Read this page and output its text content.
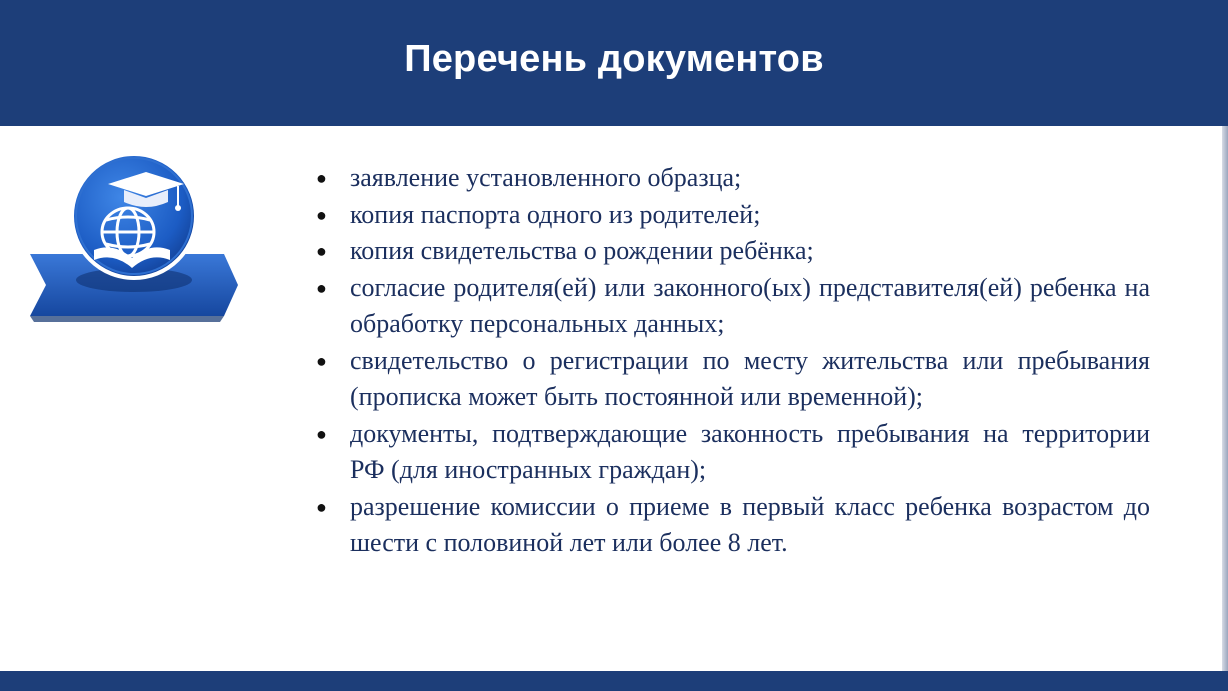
Перечень документов
● заявление установленного образца;
● копия паспорта одного из родителей;
● копия свидетельства о рождении ребёнка;
● согласие родителя(ей) или законного(ых) представителя(ей) ребенка на обработку персональных данных;
● свидетельство о регистрации по месту жительства или пребывания (прописка может быть постоянной или временной);
● документы, подтверждающие законность пребывания на территории РФ (для иностранных граждан);
● разрешение комиссии о приеме в первый класс ребенка возрастом до шести с половиной лет или более 8 лет.
